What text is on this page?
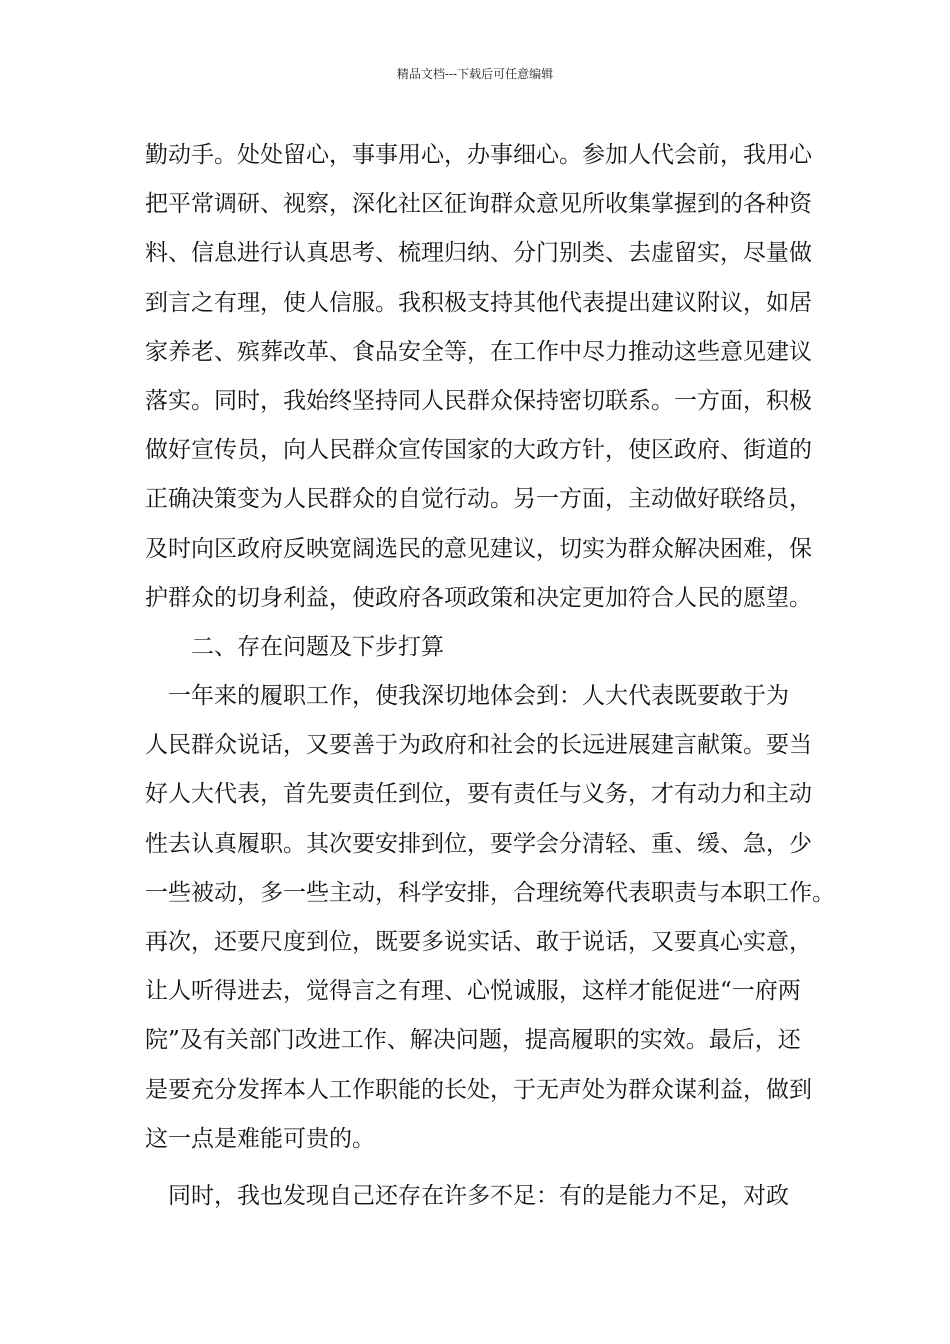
精品文档---下载后可任意编辑
勤动手。处处留心，事事用心，办事细心。参加人代会前，我用心
把平常调研、视察，深化社区征询群众意见所收集掌握到的各种资
料、信息进行认真思考、梳理归纳、分门别类、去虚留实，尽量做
到言之有理，使人信服。我积极支持其他代表提出建议附议，如居
家养老、殡葬改革、食品安全等，在工作中尽力推动这些意见建议
落实。同时，我始终坚持同人民群众保持密切联系。一方面，积极
做好宣传员，向人民群众宣传国家的大政方针，使区政府、街道的
正确决策变为人民群众的自觉行动。另一方面，主动做好联络员，
及时向区政府反映宽阔选民的意见建议，切实为群众解决困难，保
护群众的切身利益，使政府各项政策和决定更加符合人民的愿望。
　　二、存在问题及下步打算
　一年来的履职工作，使我深切地体会到：人大代表既要敢于为
人民群众说话，又要善于为政府和社会的长远进展建言献策。要当
好人大代表，首先要责任到位，要有责任与义务，才有动力和主动
性去认真履职。其次要安排到位，要学会分清轻、重、缓、急，少
一些被动，多一些主动，科学安排，合理统筹代表职责与本职工作。
再次，还要尺度到位，既要多说实话、敢于说话，又要真心实意，
让人听得进去，觉得言之有理、心悦诚服，这样才能促进“一府两
院”及有关部门改进工作、解决问题，提高履职的实效。最后，还
是要充分发挥本人工作职能的长处，于无声处为群众谋利益，做到
这一点是难能可贵的。
　同时，我也发现自己还存在许多不足：有的是能力不足，对政
